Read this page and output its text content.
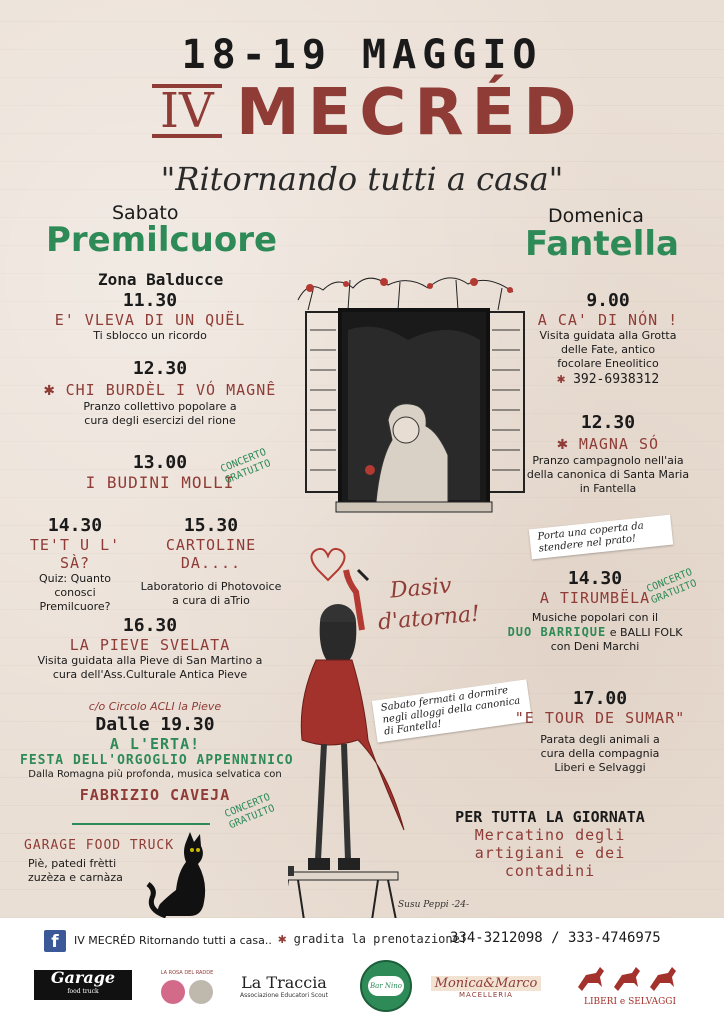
18-19 MAGGIO
IV MECRÉD
"Ritornando tutti a casa"
Sabato
Premilcuore
Zona Balducce
11.30
E' VLEVA DI UN QUËL
Ti sblocco un ricordo
12.30
✱ CHI BURDÈL I VÓ MAGNÊ
Pranzo collettivo popolare a cura degli esercizi del rione
13.00
I BUDINI MOLLI
CONCERTO GRATUITO
14.30
TE'T U L' SÀ?
Quiz: Quanto conosci Premilcuore?
15.30
CARTOLINE DA....
Laboratorio di Photovoice a cura di aTrio
16.30
LA PIEVE SVELATA
Visita guidata alla Pieve di San Martino a cura dell'Ass.Culturale Antica Pieve
c/o Circolo ACLI la Pieve
Dalle 19.30
A L'ERTA!
FESTA DELL'ORGOGLIO APPENNINICO
Dalla Romagna più profonda, musica selvatica con
FABRIZIO CAVEJA
CONCERTO GRATUITO
GARAGE FOOD TRUCK
Piè, patedi frètti zuzèza e carnàza
Dasiv
d'atorna!
Susu Peppi -24-
Domenica
Fantella
9.00
A CA' DI NÓN !
Visita guidata alla Grotta delle Fate, antico focolare Eneolitico
✱ 392-6938312
12.30
✱ MAGNA SÓ
Pranzo campagnolo nell'aia della canonica di Santa Maria in Fantella
Porta una coperta da stendere nel prato!
14.30
A TIRUMBËLA
Musiche popolari con il
DUO BARRIQUE e BALLI FOLK
con Deni Marchi
CONCERTO GRATUITO
Sabato fermati a dormire negli alloggi della canonica di Fantella!
17.00
"E TOUR DE SUMAR"
Parata degli animali a cura della compagnia Liberi e Selvaggi
PER TUTTA LA GIORNATA
Mercatino degli
artigiani e dei contadini
f	IV MECRÉD Ritornando tutti a casa.. ✱ gradita la prenotazione!
334-3212098 / 333-4746975
Garage
food truck
LA ROSA DEL RADDE La Traccia
Associazione Educatori Scout
Bar Nino	Monica&Marco
MACELLERIA
LIBERI e SELVAGGI
